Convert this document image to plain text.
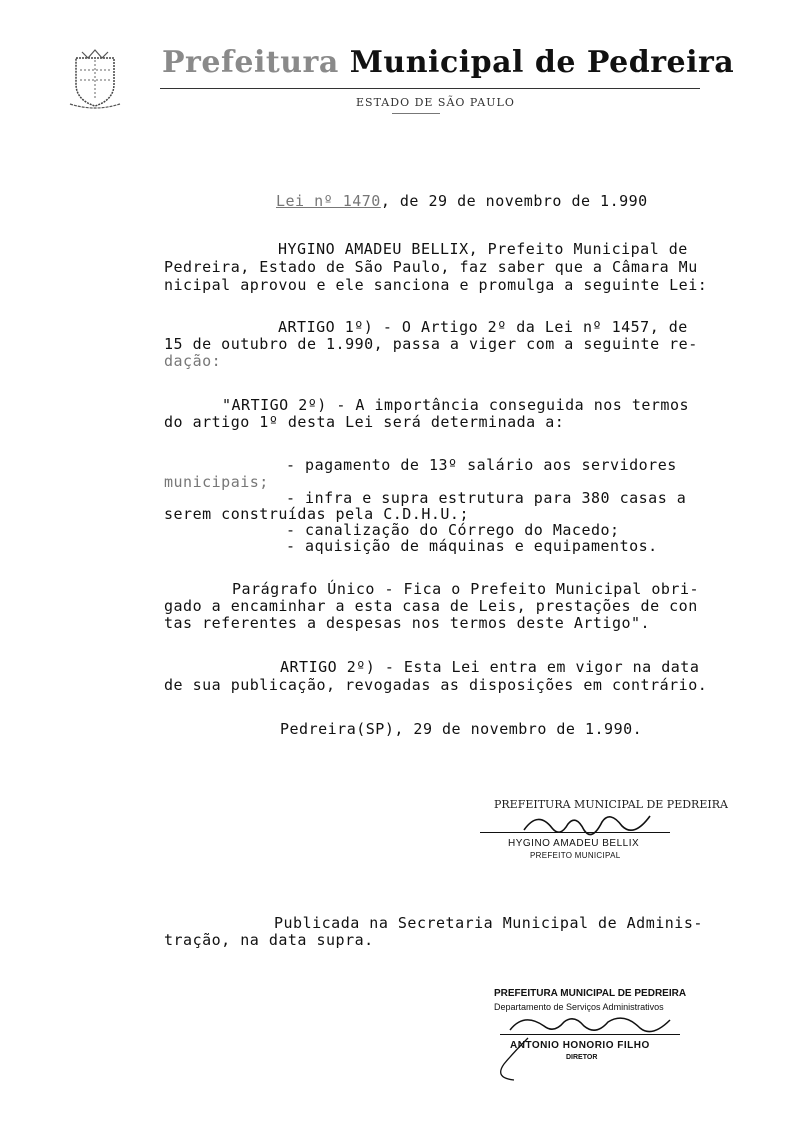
Prefeitura Municipal de Pedreira
ESTADO DE SÃO PAULO
Lei nº 1470, de 29 de novembro de 1.990
HYGINO AMADEU BELLIX, Prefeito Municipal de
Pedreira, Estado de São Paulo, faz saber que a Câmara Mu
nicipal aprovou e ele sanciona e promulga a seguinte Lei:
ARTIGO 1º) - O Artigo 2º da Lei nº 1457, de
15 de outubro de 1.990, passa a viger com a seguinte re-
dação:
"ARTIGO 2º) - A importância conseguida nos termos
do artigo 1º desta Lei será determinada a:
- pagamento de 13º salário aos servidores
municipais;
- infra e supra estrutura para 380 casas a
serem construídas pela C.D.H.U.;
- canalização do Córrego do Macedo;
- aquisição de máquinas e equipamentos.
Parágrafo Único - Fica o Prefeito Municipal obri-
gado a encaminhar a esta casa de Leis, prestações de con
tas referentes a despesas nos termos deste Artigo".
ARTIGO 2º) - Esta Lei entra em vigor na data
de sua publicação, revogadas as disposições em contrário.
Pedreira(SP), 29 de novembro de 1.990.
PREFEITURA MUNICIPAL DE PEDREIRA
HYGINO AMADEU BELLIX
PREFEITO MUNICIPAL
Publicada na Secretaria Municipal de Adminis-
tração, na data supra.
PREFEITURA MUNICIPAL DE PEDREIRA
Departamento de Serviços Administrativos
ANTONIO HONORIO FILHO
DIRETOR
